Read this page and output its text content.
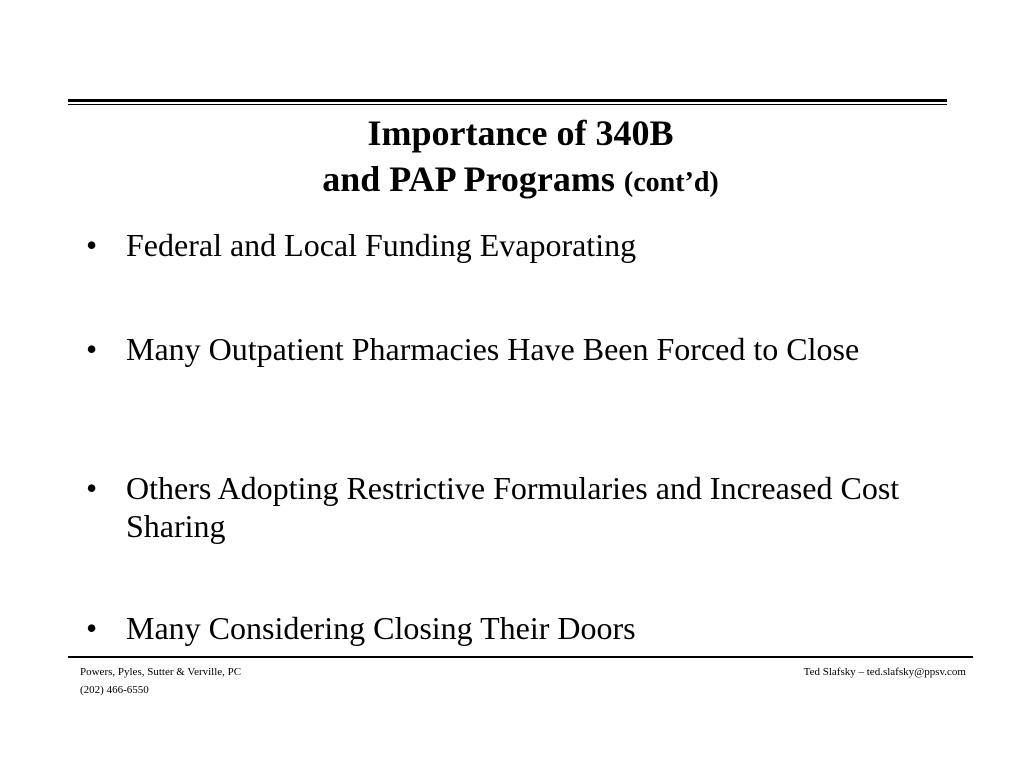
Importance of 340B
and PAP Programs (cont’d)
• Federal and Local Funding Evaporating
• Many Outpatient Pharmacies Have Been Forced to Close
• Others Adopting Restrictive Formularies and Increased Cost Sharing
• Many Considering Closing Their Doors
Powers, Pyles, Sutter & Verville, PC
(202) 466-6550
Ted Slafsky – ted.slafsky@ppsv.com
